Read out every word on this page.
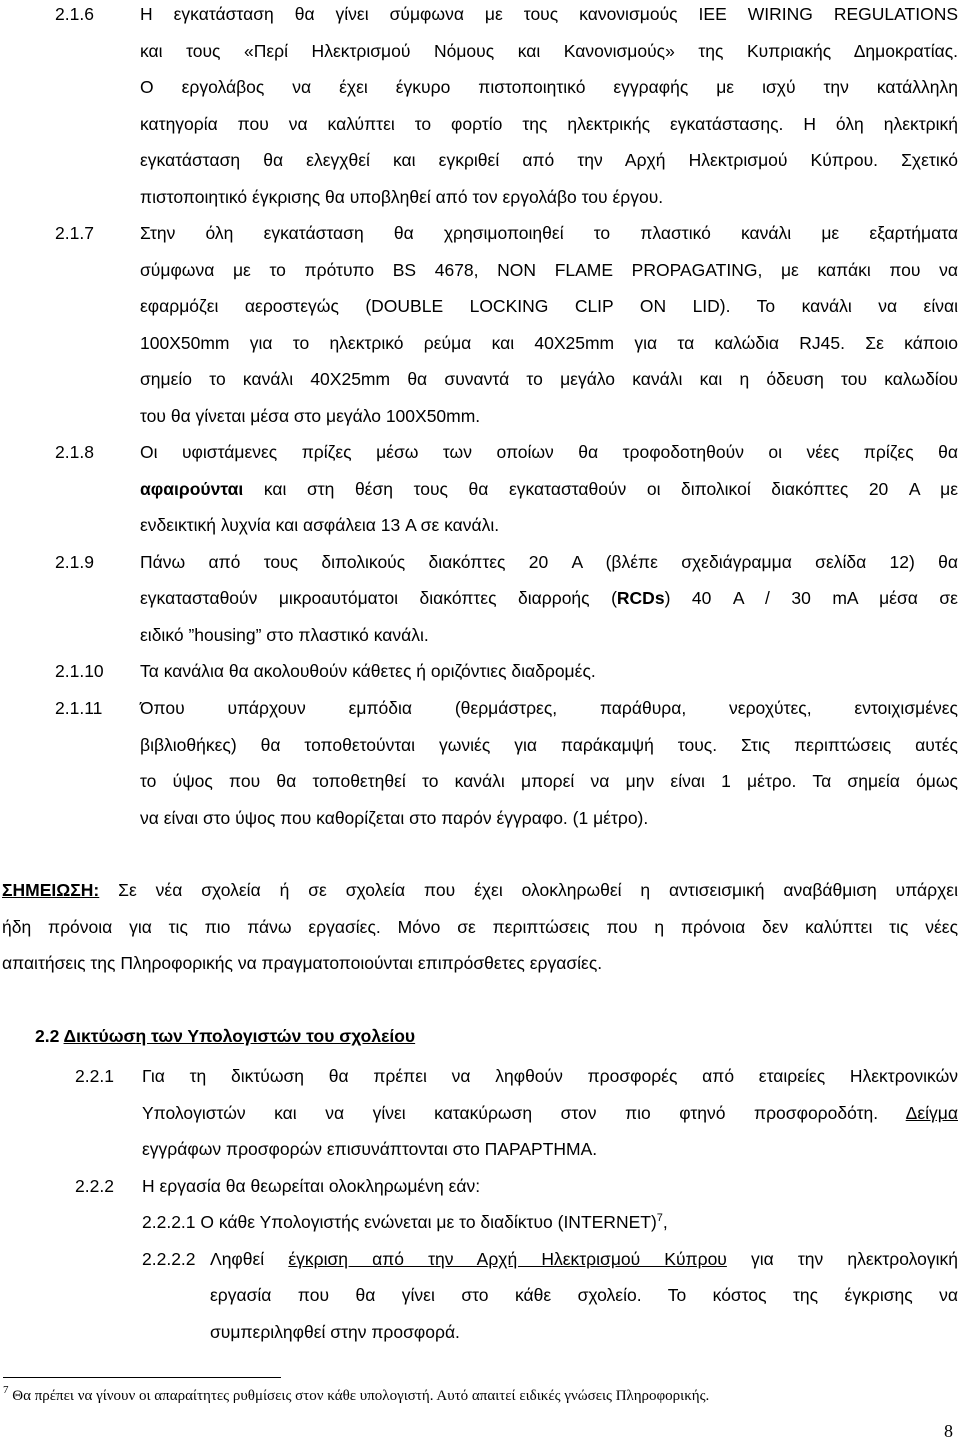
2.1.6	Η εγκατάσταση θα γίνει σύμφωνα με τους κανονισμούς IEE WIRING REGULATIONS
και τους «Περί Ηλεκτρισμού Νόμους και Κανονισμούς» της Κυπριακής Δημοκρατίας.
Ο εργολάβος να έχει έγκυρο πιστοποιητικό εγγραφής με ισχύ την κατάλληλη
κατηγορία που να καλύπτει το φορτίο της ηλεκτρικής εγκατάστασης. Η όλη ηλεκτρική
εγκατάσταση θα ελεγχθεί και εγκριθεί από την Αρχή Ηλεκτρισμού Κύπρου. Σχετικό
πιστοποιητικό έγκρισης θα υποβληθεί από τον εργολάβο του έργου.
2.1.7	Στην όλη εγκατάσταση θα χρησιμοποιηθεί το πλαστικό κανάλι με εξαρτήματα
σύμφωνα με το πρότυπο BS 4678, NON FLAME PROPAGATING, με καπάκι που να
εφαρμόζει αεροστεγώς (DOUBLE LOCKING CLIP ON LID). Το κανάλι να είναι
100X50mm για το ηλεκτρικό ρεύμα και 40X25mm για τα καλώδια RJ45. Σε κάποιο
σημείο το κανάλι 40X25mm θα συναντά το μεγάλο κανάλι και η όδευση του καλωδίου
του θα γίνεται μέσα στο μεγάλο 100X50mm.
2.1.8	Οι υφιστάμενες πρίζες μέσω των οποίων θα τροφοδοτηθούν οι νέες πρίζες θα
αφαιρούνται και στη θέση τους θα εγκατασταθούν οι διπολικοί διακόπτες 20 A με
ενδεικτική λυχνία και ασφάλεια 13 A σε κανάλι.
2.1.9	Πάνω από τους διπολικούς διακόπτες 20 A (βλέπε σχεδιάγραμμα σελίδα 12) θα
εγκατασταθούν μικροαυτόματοι διακόπτες διαρροής (RCDs) 40 A / 30 mA μέσα σε
ειδικό ”housing” στο πλαστικό κανάλι.
2.1.10 Τα κανάλια θα ακολουθούν κάθετες ή οριζόντιες διαδρομές.
2.1.11 Όπου υπάρχουν εμπόδια (θερμάστρες, παράθυρα, νεροχύτες, εντοιχισμένες
βιβλιοθήκες) θα τοποθετούνται γωνιές για παράκαμψή τους. Στις περιπτώσεις αυτές
το ύψος που θα τοποθετηθεί το κανάλι μπορεί να μην είναι 1 μέτρο. Τα σημεία όμως
να είναι στο ύψος που καθορίζεται στο παρόν έγγραφο. (1 μέτρο).
ΣΗΜΕΙΩΣΗ: Σε νέα σχολεία ή σε σχολεία που έχει ολοκληρωθεί η αντισεισμική αναβάθμιση υπάρχει
ήδη πρόνοια για τις πιο πάνω εργασίες. Μόνο σε περιπτώσεις που η πρόνοια δεν καλύπτει τις νέες
απαιτήσεις της Πληροφορικής να πραγματοποιούνται επιπρόσθετες εργασίες.
2.2 Δικτύωση των Υπολογιστών του σχολείου
2.2.1 Για τη δικτύωση θα πρέπει να ληφθούν προσφορές από εταιρείες Ηλεκτρονικών
Υπολογιστών και να γίνει κατακύρωση στον πιο φτηνό προσφοροδότη. Δείγμα
εγγράφων προσφορών επισυνάπτονται στο ΠΑΡΑΡΤΗΜΑ.
2.2.2 Η εργασία θα θεωρείται ολοκληρωμένη εάν:
2.2.2.1 Ο κάθε Υπολογιστής ενώνεται με το διαδίκτυο (INTERNET)$^7$,
2.2.2.2 Ληφθεί έγκριση από την Αρχή Ηλεκτρισμού Κύπρου για την ηλεκτρολογική
εργασία που θα γίνει στο κάθε σχολείο. Το κόστος της έγκρισης να
συμπεριληφθεί στην προσφορά.
$^7$ Θα πρέπει να γίνουν οι απαραίτητες ρυθμίσεις στον κάθε υπολογιστή. Αυτό απαιτεί ειδικές γνώσεις Πληροφορικής.
8
